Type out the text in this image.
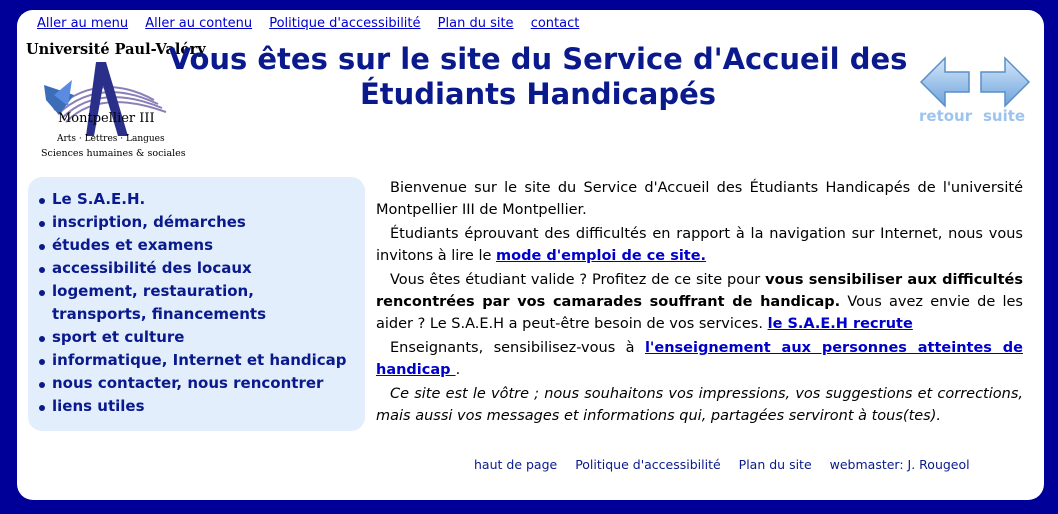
Aller au menu Aller au contenu Politique d'accessibilité Plan du site contact
Université Paul-Valéry
Montpellier III
Arts · Lettres · Langues
Sciences humaines & sociales
Vous êtes sur le site du Service d'Accueil des
Étudiants Handicapés
retour suite
Le S.A.E.H.
inscription, démarches
études et examens
accessibilité des locaux
logement, restauration, transports, financements
sport et culture
informatique, Internet et handicap
nous contacter, nous rencontrer
liens utiles

Bienvenue sur le site du Service d'Accueil des Étudiants Handicapés de l'université Montpellier III de Montpellier.

Étudiants éprouvant des difficultés en rapport à la navigation sur Internet, nous vous invitons à lire le mode d'emploi de ce site.

Vous êtes étudiant valide ? Profitez de ce site pour vous sensibiliser aux difficultés rencontrées par vos camarades souffrant de handicap. Vous avez envie de les aider ? Le S.A.E.H a peut-être besoin de vos services. le S.A.E.H recrute

Enseignants, sensibilisez-vous à l'enseignement aux personnes atteintes de handicap .

Ce site est le vôtre ; nous souhaitons vos impressions, vos suggestions et corrections, mais aussi vos messages et informations qui, partagées serviront à tous(tes).

haut de page Politique d'accessibilité Plan du site webmaster: J. Rougeol
